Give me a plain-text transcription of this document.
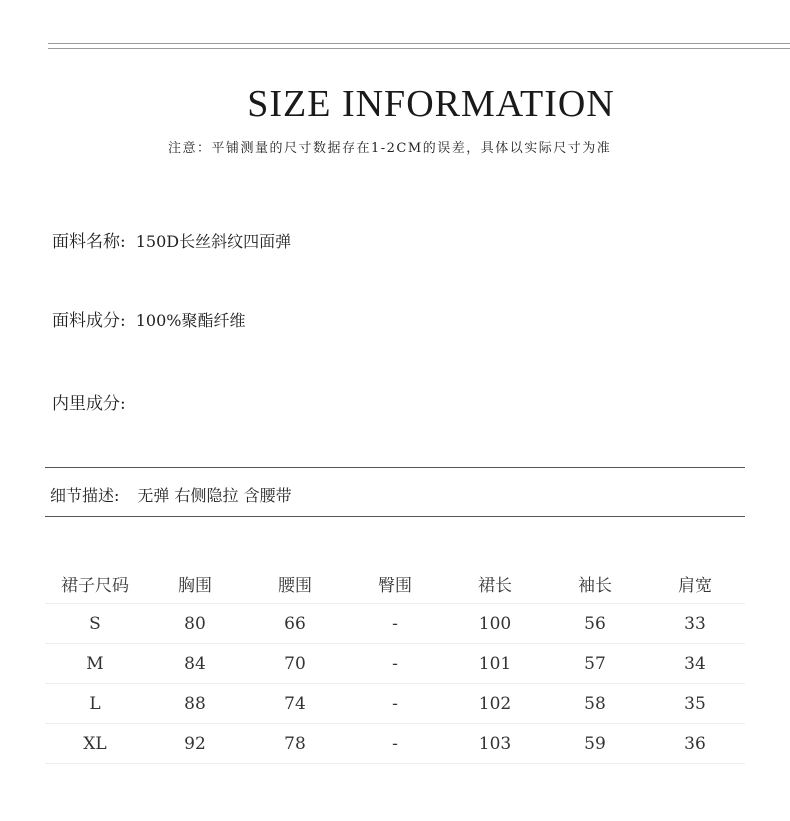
SIZE INFORMATION
注意：平铺测量的尺寸数据存在1-2CM的误差，具体以实际尺寸为准
面料名称: 150D长丝斜纹四面弹
面料成分: 100%聚酯纤维
内里成分:
细节描述: 无弹 右侧隐拉 含腰带
裙子尺码	胸围	腰围	臀围	裙长	袖长	肩宽
S	80	66	-	100	56	33
M	84	70	-	101	57	34
L	88	74	-	102	58	35
XL	92	78	-	103	59	36
